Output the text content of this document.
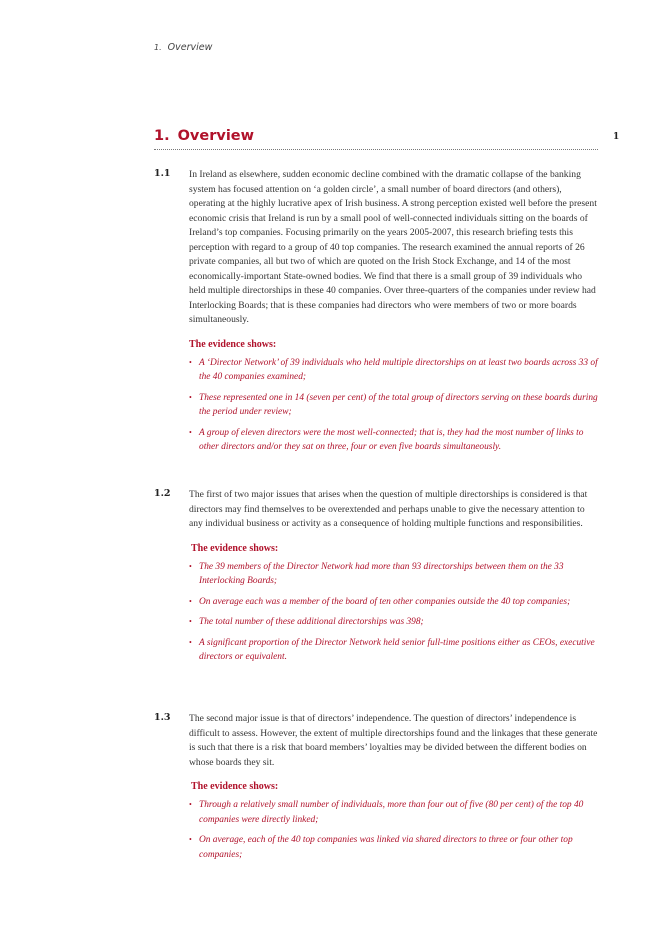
1. Overview
1
1. Overview
1.1 In Ireland as elsewhere, sudden economic decline combined with the dramatic collapse of the banking system has focused attention on ‘a golden circle’, a small number of board directors (and others), operating at the highly lucrative apex of Irish business. A strong perception existed well before the present economic crisis that Ireland is run by a small pool of well-connected individuals sitting on the boards of Ireland’s top companies. Focusing primarily on the years 2005-2007, this research briefing tests this perception with regard to a group of 40 top companies. The research examined the annual reports of 26 private companies, all but two of which are quoted on the Irish Stock Exchange, and 14 of the most economically-important State-owned bodies. We find that there is a small group of 39 individuals who held multiple directorships in these 40 companies. Over three-quarters of the companies under review had Interlocking Boards; that is these companies had directors who were members of two or more boards simultaneously.

The evidence shows:
• A ‘Director Network’ of 39 individuals who held multiple directorships on at least two boards across 33 of the 40 companies examined;
• These represented one in 14 (seven per cent) of the total group of directors serving on these boards during the period under review;
• A group of eleven directors were the most well-connected; that is, they had the most number of links to other directors and/or they sat on three, four or even five boards simultaneously.
1.2 The first of two major issues that arises when the question of multiple directorships is considered is that directors may find themselves to be overextended and perhaps unable to give the necessary attention to any individual business or activity as a consequence of holding multiple functions and responsibilities.

The evidence shows:
• The 39 members of the Director Network had more than 93 directorships between them on the 33 Interlocking Boards;
• On average each was a member of the board of ten other companies outside the 40 top companies;
• The total number of these additional directorships was 398;
• A significant proportion of the Director Network held senior full-time positions either as CEOs, executive directors or equivalent.
1.3 The second major issue is that of directors’ independence. The question of directors’ independence is difficult to assess. However, the extent of multiple directorships found and the linkages that these generate is such that there is a risk that board members’ loyalties may be divided between the different bodies on whose boards they sit.

The evidence shows:
• Through a relatively small number of individuals, more than four out of five (80 per cent) of the top 40 companies were directly linked;
• On average, each of the 40 top companies was linked via shared directors to three or four other top companies;
